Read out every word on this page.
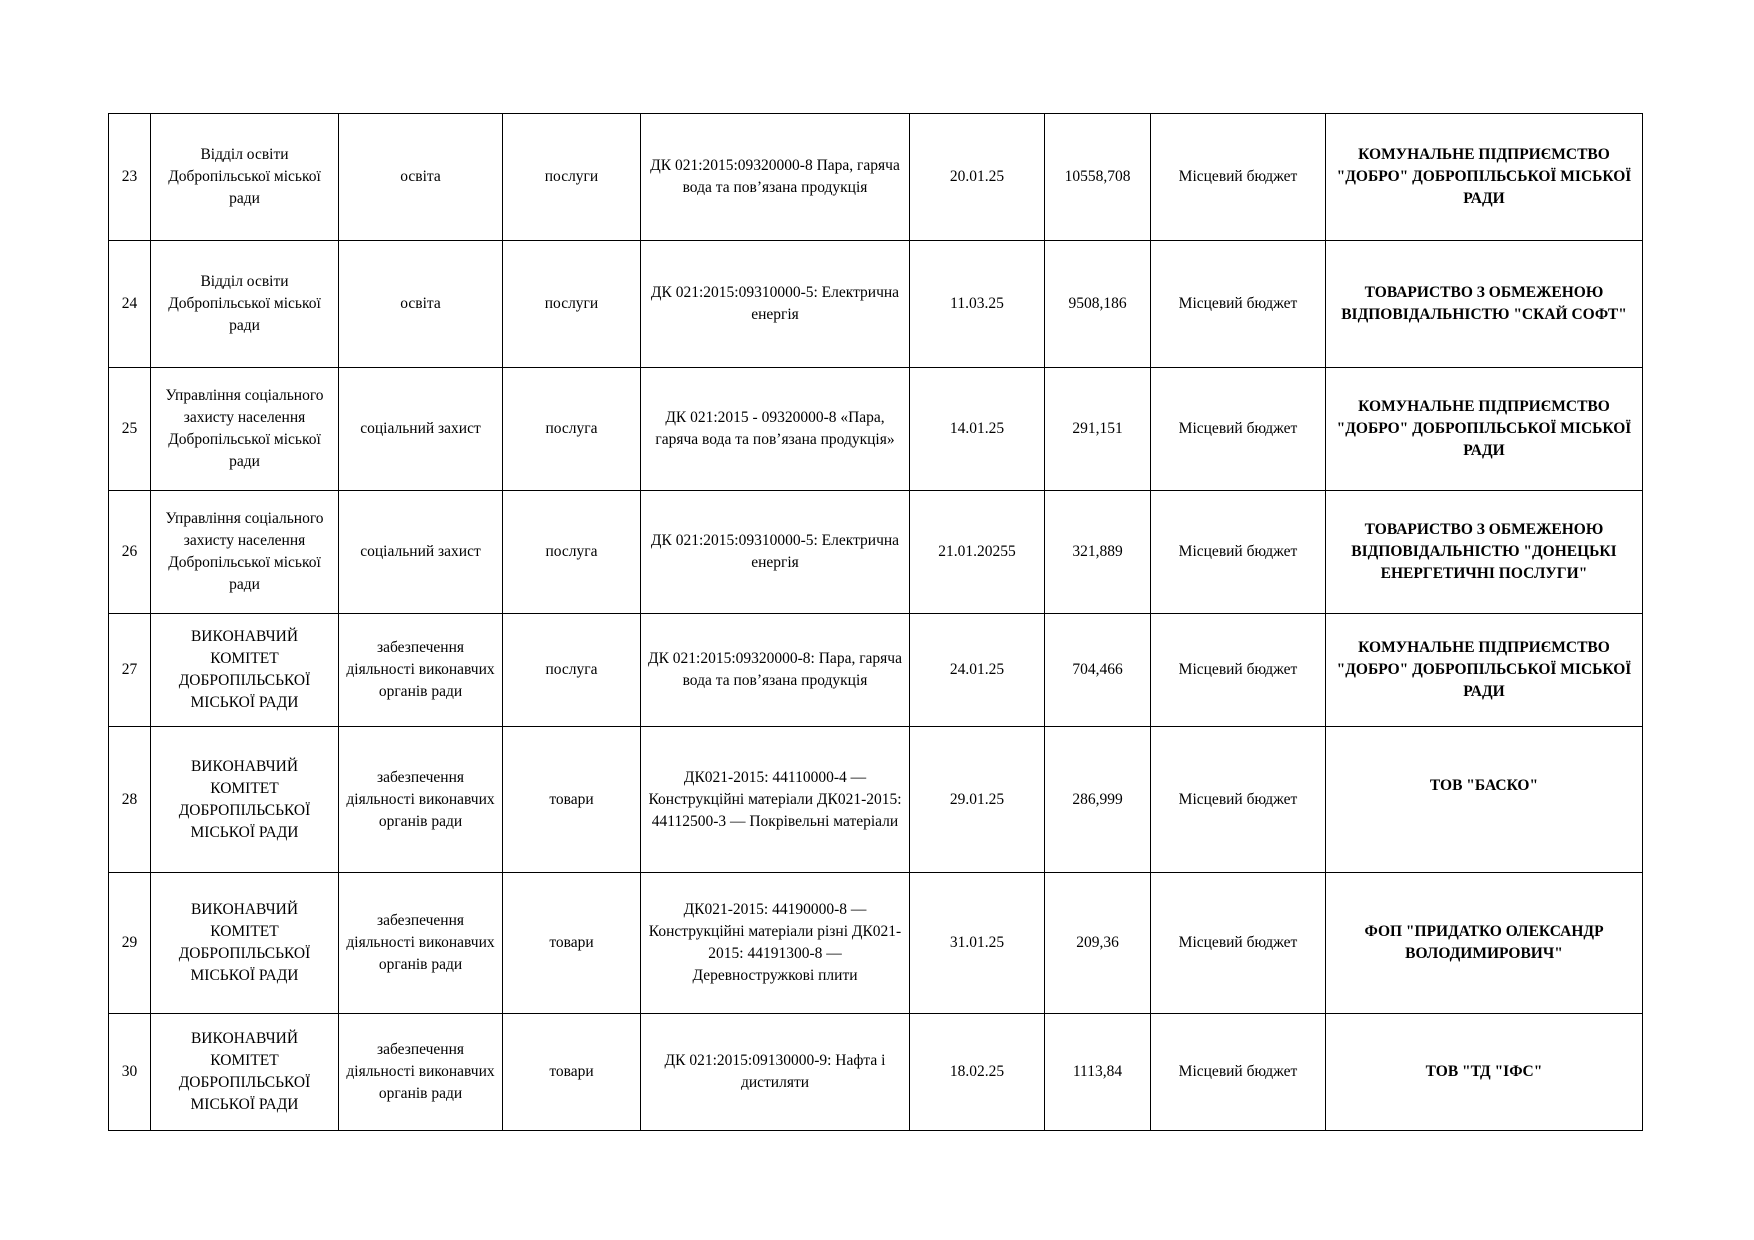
23	Відділ освіти Добропільської міської ради	освіта	послуги	ДК 021:2015:09320000-8 Пара, гаряча вода та пов’язана продукція	20.01.25	10558,708	Місцевий бюджет	КОМУНАЛЬНЕ ПІДПРИЄМСТВО "ДОБРО" ДОБРОПІЛЬСЬКОЇ МІСЬКОЇ РАДИ
24	Відділ освіти Добропільської міської ради	освіта	послуги	ДК 021:2015:09310000-5: Електрична енергія	11.03.25	9508,186	Місцевий бюджет	ТОВАРИСТВО З ОБМЕЖЕНОЮ ВІДПОВІДАЛЬНІСТЮ "СКАЙ СОФТ"
25	Управління соціального захисту населення Добропільської міської ради	соціальний захист	послуга	ДК 021:2015 - 09320000-8 «Пара, гаряча вода та пов’язана продукція»	14.01.25	291,151	Місцевий бюджет	КОМУНАЛЬНЕ ПІДПРИЄМСТВО "ДОБРО" ДОБРОПІЛЬСЬКОЇ МІСЬКОЇ РАДИ
26	Управління соціального захисту населення Добропільської міської ради	соціальний захист	послуга	ДК 021:2015:09310000-5: Електрична енергія	21.01.20255	321,889	Місцевий бюджет	ТОВАРИСТВО З ОБМЕЖЕНОЮ ВІДПОВІДАЛЬНІСТЮ "ДОНЕЦЬКІ ЕНЕРГЕТИЧНІ ПОСЛУГИ"
27	ВИКОНАВЧИЙ КОМІТЕТ ДОБРОПІЛЬСЬКОЇ МІСЬКОЇ РАДИ	забезпечення діяльності виконавчих органів ради	послуга	ДК 021:2015:09320000-8: Пара, гаряча вода та пов’язана продукція	24.01.25	704,466	Місцевий бюджет	КОМУНАЛЬНЕ ПІДПРИЄМСТВО "ДОБРО" ДОБРОПІЛЬСЬКОЇ МІСЬКОЇ РАДИ
28	ВИКОНАВЧИЙ КОМІТЕТ ДОБРОПІЛЬСЬКОЇ МІСЬКОЇ РАДИ	забезпечення діяльності виконавчих органів ради	товари	ДК021-2015: 44110000-4 — Конструкційні матеріали ДК021-2015: 44112500-3 — Покрівельні матеріали	29.01.25	286,999	Місцевий бюджет	ТОВ "БАСКО"
29	ВИКОНАВЧИЙ КОМІТЕТ ДОБРОПІЛЬСЬКОЇ МІСЬКОЇ РАДИ	забезпечення діяльності виконавчих органів ради	товари	ДК021-2015: 44190000-8 — Конструкційні матеріали різні ДК021-2015: 44191300-8 — Деревностружкові плити	31.01.25	209,36	Місцевий бюджет	ФОП "ПРИДАТКО ОЛЕКСАНДР ВОЛОДИМИРОВИЧ"
30	ВИКОНАВЧИЙ КОМІТЕТ ДОБРОПІЛЬСЬКОЇ МІСЬКОЇ РАДИ	забезпечення діяльності виконавчих органів ради	товари	ДК 021:2015:09130000-9: Нафта і дистиляти	18.02.25	1113,84	Місцевий бюджет	ТОВ "ТД "ІФС"
